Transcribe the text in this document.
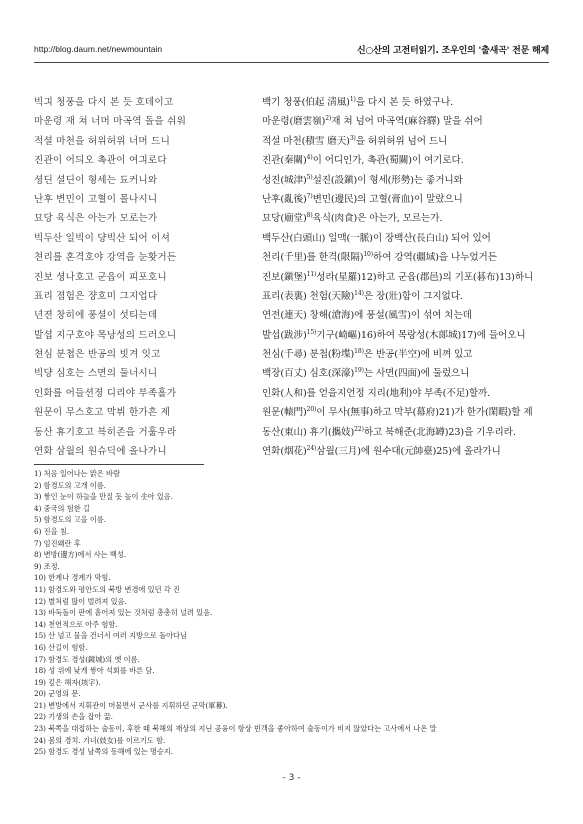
http://blog.daum.net/newmountain	신○산의 고전터읽기. 조우인의 '출새곡' 전문 해제
빅긔 청풍을 다시 본 듯 호데이고	백기 청풍(伯起 淸風)$^{1)}$을 다시 본 듯 하였구나.
마운령 재 쳐 너머 마곡역 돌을 쉬워	마운령(磨雲嶺)$^{2)}$재 쳐 넘어 마곡역(麻谷驛) 말을 쉬어
적셜 마천을 허위허위 너머 드니	적설 마천(積雪 磨天)$^{3)}$을 허위허위 넘어 드니
진관이 어듸오 촉관이 여긔로다	진관(秦關)$^{4)}$이 어디인가, 촉관(蜀關)이 여기로다.
셩딘 셜딘이 형세는 됴커니와	성진(城津)$^{5)}$설진(設鎭)이 형세(形勢)는 좋거니와
난후 변민이 고혈이 몰나시니	난후(亂後)$^{7)}$변민(邊民)의 고혈(膏血)이 말랐으니
묘당 육식은 아는가 모로는가	묘당(廟堂)$^{8)}$육식(肉食)은 아는가, 모르는가.
빅두산 일빅이 댱빅산 되어 이셔	백두산(白頭山) 일맥(一脈)이 장백산(長白山) 되어 있어
쳔리를 혼격호야 강역을 눈홧거든	천리(千里)를 한격(限隔)$^{10)}$하여 강역(疆域)을 나누었거든
진보 셩나호고 군읍이 피포호니	진보(鎭堡)$^{11)}$성라(星羅)12)하고 군읍(郡邑)의 기포(碁布)13)하니
표리 졈험은 쟝호미 그지업다	표리(表裏) 천험(天險)$^{14)}$은 장(壯)함이 그지없다.
년젼 창히에 풍셜이 섯티는데	연전(連天) 창해(滄海)에 풍설(風雪)이 섞여 치는데
발셥 지구호야 목낭성의 드러오니	발섭(跋涉)$^{15)}$기구(崎嶇)16)하여 목랑성(木郞城)17)에 들어오니
쳔심 분쳡은 반공의 빗겨 잇고	천심(千尋) 분첩(粉堞)$^{18)}$은 반공(半空)에 비껴 있고
빅댱 심호는 스면의 둘너시니	백장(百丈) 심호(深濠)$^{19)}$는 사면(四面)에 둘렀으니
인화를 어들션졍 디리야 부족홀가	인화(人和)를 얻을지언정 지리(地利)야 부족(不足)할까.
원문이 무스호고 막뷔 한가흔 제	원문(轅門)$^{20)}$이 무사(無事)하고 막부(幕府)21)가 한가(閑暇)할 제
동산 휴기호고 븍히존을 거훌우라	동산(東山) 휴기(攜妓)$^{22)}$하고 북해준(北海罇)23)을 기우리라.
연화 삼월의 원슈딕에 올나가니	연화(烟花)$^{24)}$삼월(三月)에 원수대(元帥臺)25)에 올라가니
1) 처음 일어나는 맑은 바람
2) 함경도의 고개 이름.
3) 쌓인 눈이 하늘을 만질 듯 높이 솟아 있음.
4) 중국의 험한 길
5) 함경도의 고을 이름.
6) 진을 침.
7) 임진왜란 후
8) 변방(邊方)에서 사는 백성.
9) 조정.
10) 한계나 경계가 막힘.
11) 함경도와 평안도의 북방 변경에 있던 각 진
12) 별처럼 많이 벌려져 있음.
13) 바둑돌이 판에 흩어져 있는 것처럼 총총히 널려 있음.
14) 천연적으로 아주 험함.
15) 산 넘고 물을 건너서 여러 지방으로 돌아다님
16) 산길이 험함.
17) 함경도 경성(鏡城)의 옛 이름.
18) 성 위에 낮게 쌓아 석회를 바른 담.
19) 깊은 해자(垓字).
20) 군영의 문.
21) 변방에서 지휘관이 머물면서 군사를 지휘하던 군막(軍幕).
22) 기생의 손을 잡아 끎.
23) 북쪽을 대접하는 술동이, 후한 때 북해의 재상의 지닌 공융이 항상 빈객을 좋아하여 술동이가 비지 않았다는 고사에서 나온 말
24) 봄의 경치. 기녀(妓女)를 이르기도 함.
25) 함경도 경성 남쪽의 동해에 있는 명승지.
- 3 -
